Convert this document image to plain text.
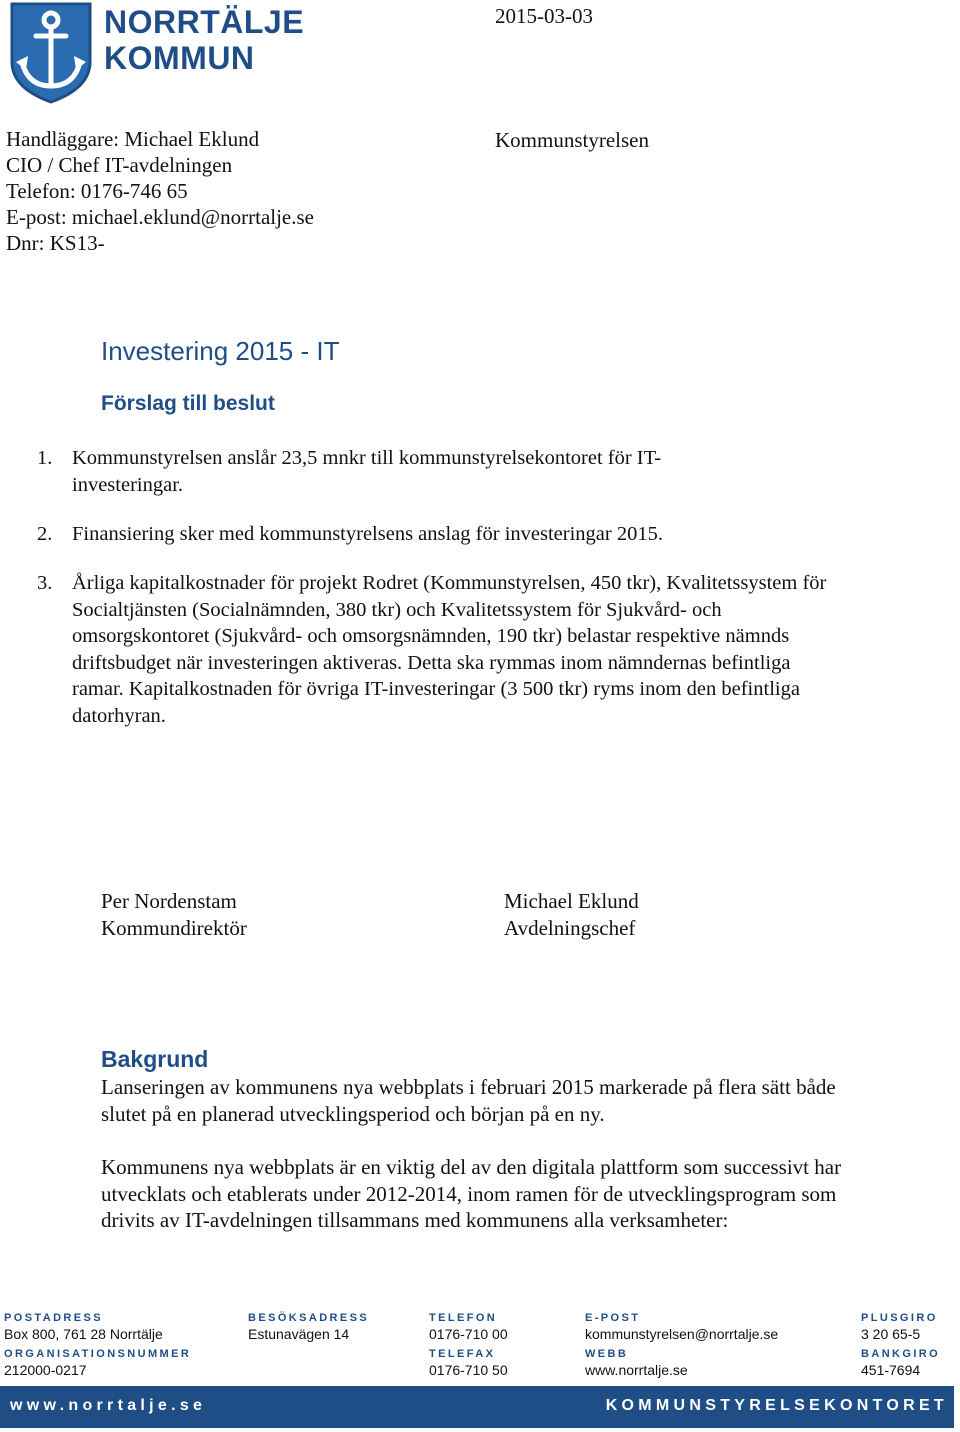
NORRTÄLJE
KOMMUN
2015-03-03
Kommunstyrelsen
Handläggare: Michael Eklund
CIO / Chef IT-avdelningen
Telefon: 0176-746 65
E-post: michael.eklund@norrtalje.se
Dnr: KS13-
Investering 2015 - IT
Förslag till beslut
1. Kommunstyrelsen anslår 23,5 mnkr till kommunstyrelsekontoret för IT-investeringar.
2. Finansiering sker med kommunstyrelsens anslag för investeringar 2015.
3. Årliga kapitalkostnader för projekt Rodret (Kommunstyrelsen, 450 tkr), Kvalitetssystem för Socialtjänsten (Socialnämnden, 380 tkr) och Kvalitetssystem för Sjukvård- och omsorgskontoret (Sjukvård- och omsorgsnämnden, 190 tkr) belastar respektive nämnds driftsbudget när investeringen aktiveras. Detta ska rymmas inom nämndernas befintliga ramar. Kapitalkostnaden för övriga IT-investeringar (3 500 tkr) ryms inom den befintliga datorhyran.
Per Nordenstam
Kommundirektör
Michael Eklund
Avdelningschef
Bakgrund
Lanseringen av kommunens nya webbplats i februari 2015 markerade på flera sätt både slutet på en planerad utvecklingsperiod och början på en ny.
Kommunens nya webbplats är en viktig del av den digitala plattform som successivt har utvecklats och etablerats under 2012-2014, inom ramen för de utvecklingsprogram som drivits av IT-avdelningen tillsammans med kommunens alla verksamheter:
POSTADRESS
Box 800, 761 28 Norrtälje
BESÖKSADRESS
Estunavägen 14
TELEFON
0176-710 00
E-POST
kommunstyrelsen@norrtalje.se
PLUSGIRO
3 20 65-5
ORGANISATIONSNUMMER
212000-0217
TELEFAX
0176-710 50
WEBB
www.norrtalje.se
BANKGIRO
451-7694
www.norrtalje.se	KOMMUNSTYRELSEKONTORET
